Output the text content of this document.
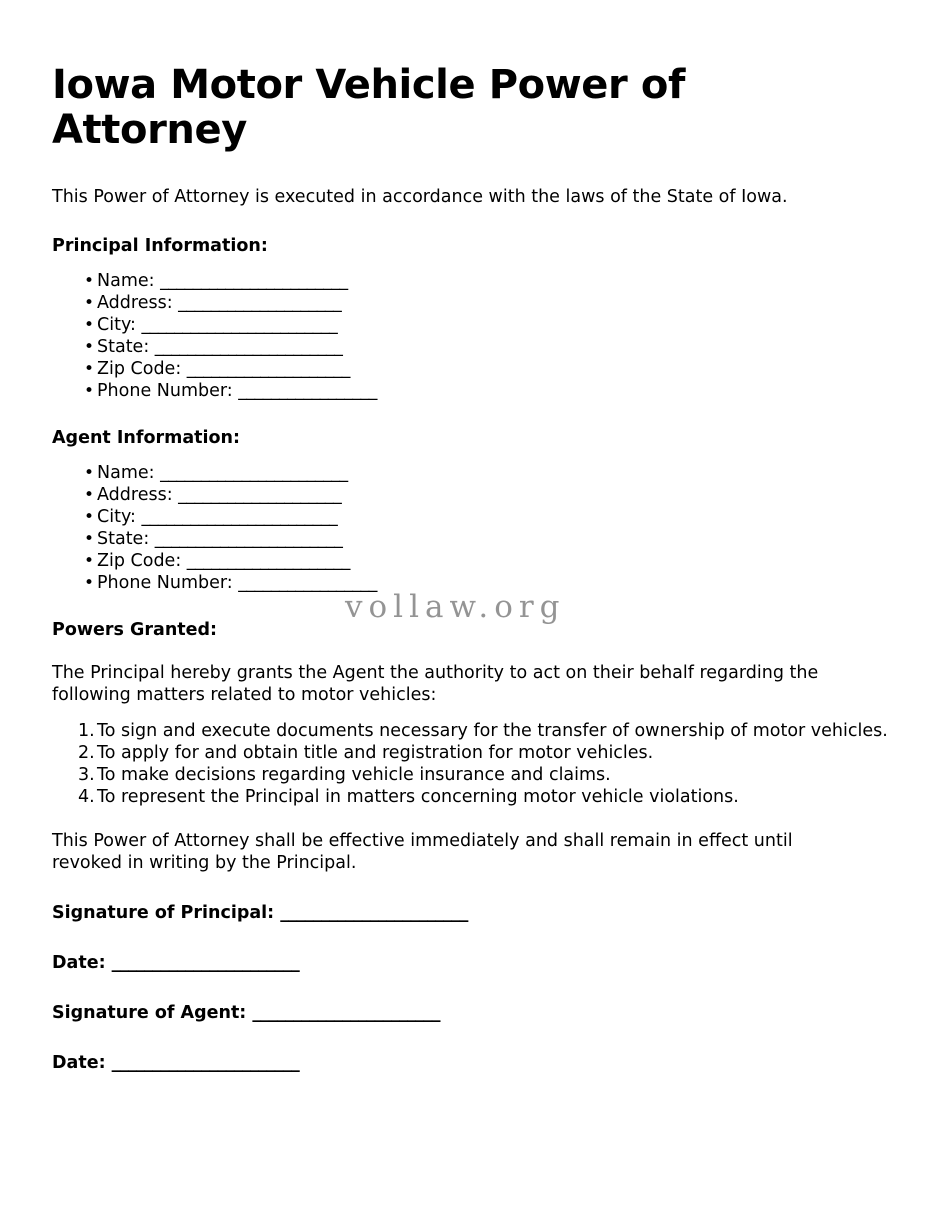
Iowa Motor Vehicle Power of Attorney

This Power of Attorney is executed in accordance with the laws of the State of Iowa.

Principal Information:
• Name: _______________________
• Address: ____________________
• City: ________________________
• State: _______________________
• Zip Code: ____________________
• Phone Number: _________________
Agent Information:
• Name: _______________________
• Address: ____________________
• City: ________________________
• State: _______________________
• Zip Code: ____________________
• Phone Number: _________________
Powers Granted:

The Principal hereby grants the Agent the authority to act on their behalf regarding the following matters related to motor vehicles:

To sign and execute documents necessary for the transfer of ownership of motor vehicles.
To apply for and obtain title and registration for motor vehicles.
To make decisions regarding vehicle insurance and claims.
To represent the Principal in matters concerning motor vehicle violations.

This Power of Attorney shall be effective immediately and shall remain in effect until revoked in writing by the Principal.

Signature of Principal: _______________________

Date: _______________________

Signature of Agent: _______________________

Date: _______________________

vollaw.org
